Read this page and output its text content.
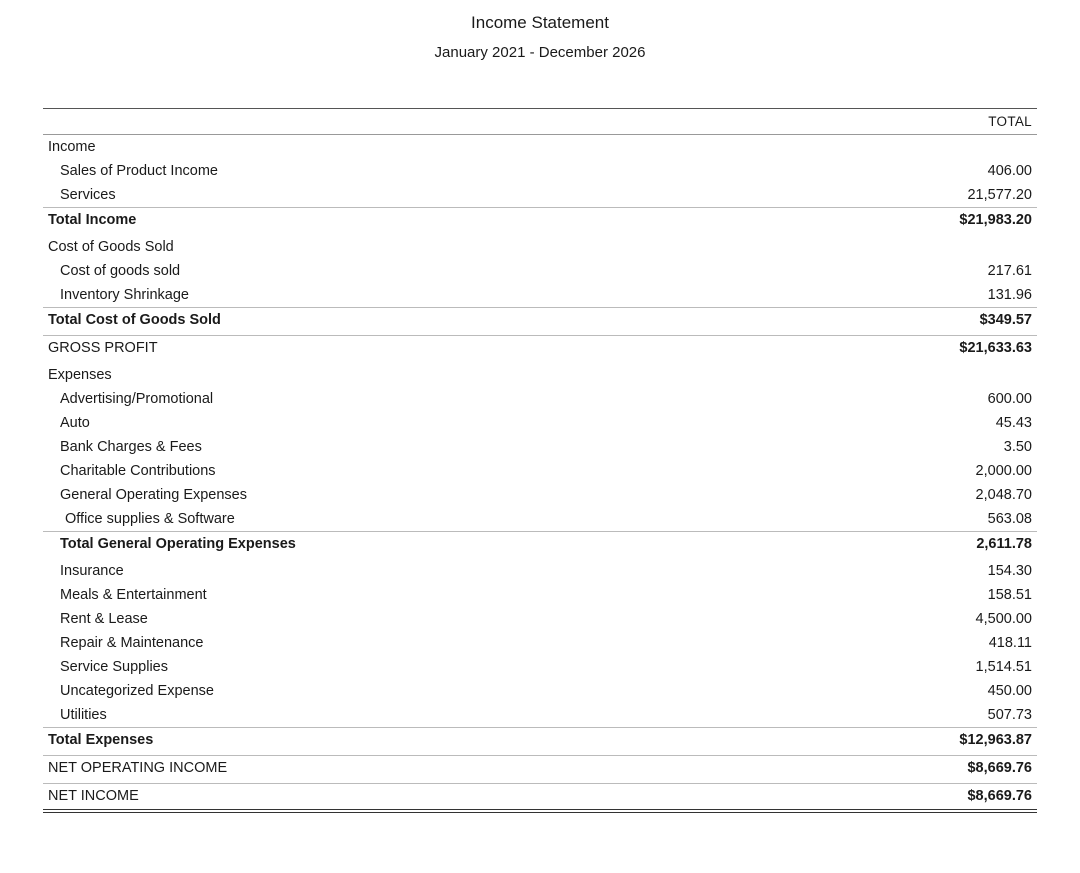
Income Statement
January 2021 - December 2026
TOTAL
Income
Sales of Product Income	406.00
Services	21,577.20
Total Income	$21,983.20
Cost of Goods Sold
Cost of goods sold	217.61
Inventory Shrinkage	131.96
Total Cost of Goods Sold	$349.57
GROSS PROFIT	$21,633.63
Expenses
Advertising/Promotional	600.00
Auto	45.43
Bank Charges & Fees	3.50
Charitable Contributions	2,000.00
General Operating Expenses	2,048.70
Office supplies & Software	563.08
Total General Operating Expenses	2,611.78
Insurance	154.30
Meals & Entertainment	158.51
Rent & Lease	4,500.00
Repair & Maintenance	418.11
Service Supplies	1,514.51
Uncategorized Expense	450.00
Utilities	507.73
Total Expenses	$12,963.87
NET OPERATING INCOME	$8,669.76
NET INCOME	$8,669.76
